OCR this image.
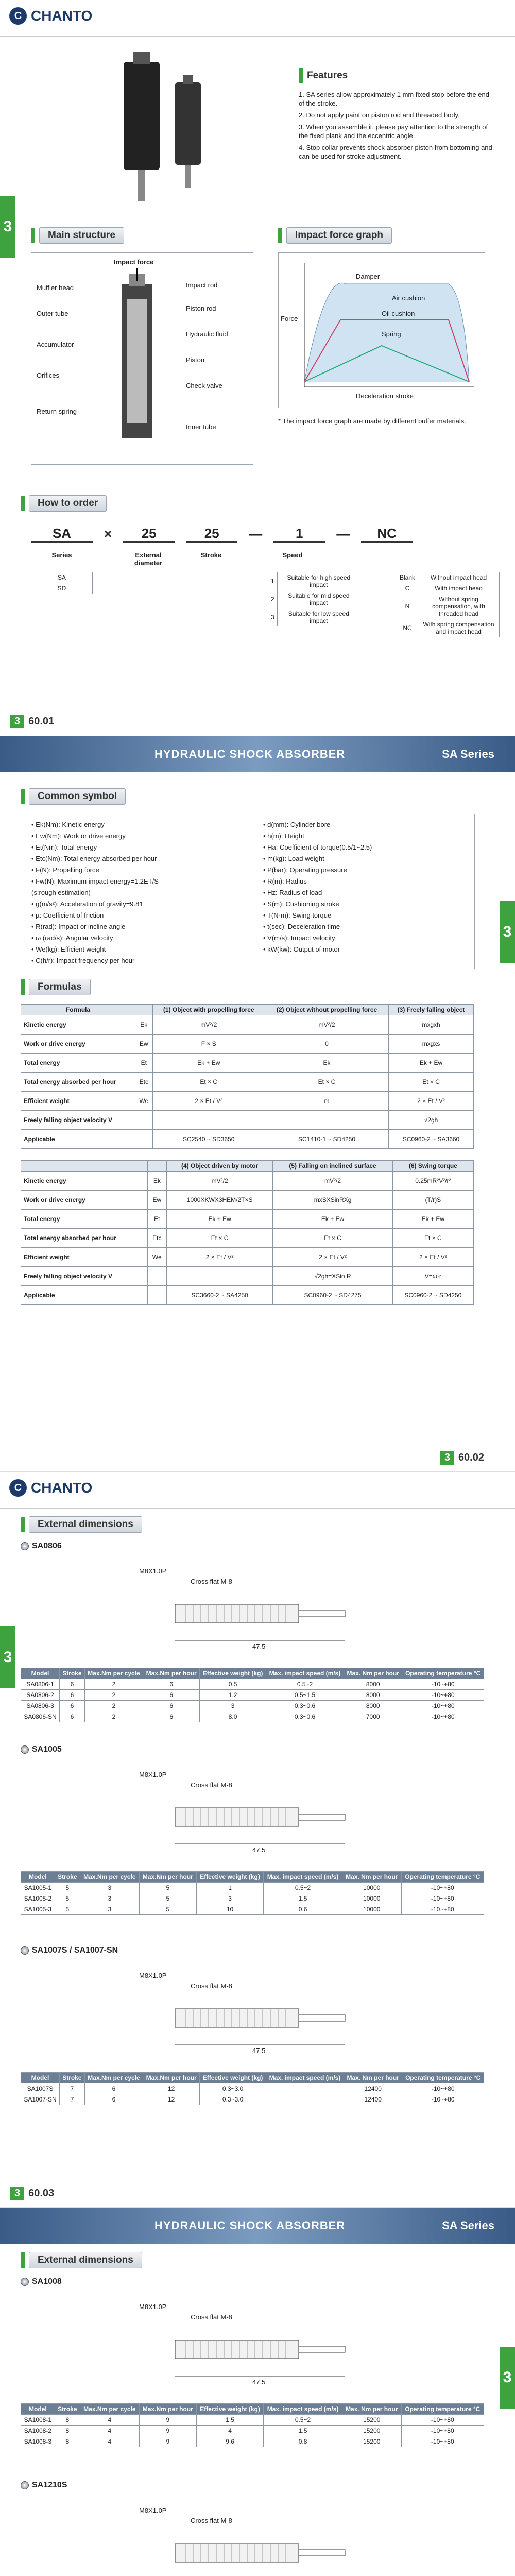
C CHANTO
3
Features
1. SA series allow approximately 1 mm fixed stop before the end of the stroke.
2. Do not apply paint on piston rod and threaded body.
3. When you assemble it, please pay attention to the strength of the fixed plank and the eccentric angle.
4. Stop collar prevents shock absorber piston from bottoming and can be used for stroke adjustment.
Main structure
Impact force
Muffler head
Outer tube
Accumulator
Orifices
Return spring
Impact rod
Piston rod
Hydraulic fluid
Piston
Check valve
Inner tube
Impact force graph
Damper
Air cushion
Oil cushion
Spring
Force
Deceleration stroke
* The impact force graph are made by different buffer materials.
How to order
SA	×	25	25	—	1	—	NC
Series	External diameter
Stroke	Speed
SA
SD
1	Suitable for high speed impact
2	Suitable for mid speed impact
3	Suitable for low speed impact
Blank	Without impact head
C	With impact head
N	Without spring compensation, with threaded head
NC	With spring compensation and impact head
3 60.01
HYDRAULIC SHOCK ABSORBER	SA Series
3
Common symbol
• Ek(Nm): Kinetic energy
• Ew(Nm): Work or drive energy
• Et(Nm): Total energy
• Etc(Nm): Total energy absorbed per hour
• F(N): Propelling force
• Fw(N): Maximum impact energy=1.2ET/S
(s:rough estimation)
• g(m/s²): Acceleration of gravity=9.81
• µ: Coefficient of friction
• R(rad): Impact or incline angle
• ω (rad/s): Angular velocity
• We(kg): Efficient weight
• C(h/r): Impact frequency per hour
• d(mm): Cylinder bore
• h(m): Height
• Ha: Coefficient of torque(0.5/1~2.5)
• m(kg): Load weight
• P(bar): Operating pressure
• R(m): Radius
• Hz: Radius of load
• S(m): Cushioning stroke
• T(N·m): Swing torque
• t(sec): Deceleration time
• V(m/s): Impact velocity
• kW(kw): Output of motor
Formulas
Formula		(1) Object with propelling force	(2) Object without propelling force	(3) Freely falling object
Kinetic energy	Ek	mV²/2	mV²/2	mxgxh
Work or drive energy	Ew	F × S	0	mxgxs
Total energy	Et	Ek + Ew	Ek	Ek + Ew
Total energy absorbed per hour	Etc	Et × C	Et × C	Et × C
Efficient weight	We	2 × Et / V²	m	2 × Et / V²
Freely falling object velocity V				√2gh
Applicable		SC2540 ~ SD3650	SC1410-1 ~ SD4250	SC0960-2 ~ SA3660
		(4) Object driven by motor	(5) Falling on inclined surface	(6) Swing torque
Kinetic energy	Ek	mV²/2	mV²/2	0.25mR²V²/r²
Work or drive energy	Ew	1000XKWX3HEM/2T×S	mxSXSinRXg	(T/r)S
Total energy	Et	Ek + Ew	Ek + Ew	Ek + Ew
Total energy absorbed per hour	Etc	Et × C	Et × C	Et × C
Efficient weight	We	2 × Et / V²	2 × Et / V²	2 × Et / V²
Freely falling object velocity V			√2gh=XSin R	V=ω·r
Applicable		SC3660-2 ~ SA4250	SC0960-2 ~ SD4275	SC0960-2 ~ SD4250
3 60.02
C CHANTO
3
External dimensions
SA0806
Cross flat M-8
M8X1.0P
47.5
Model	Stroke	Max.Nm per cycle	Max.Nm per hour	Effective weight (kg)	Max. impact speed (m/s)	Max. Nm per hour	Operating temperature °C
SA0806-1	6	2	6	0.5	0.5~2	8000	-10~+80
SA0806-2	6	2	6	1.2	0.5~1.5	8000	-10~+80
SA0806-3	6	2	6	3	0.3~0.6	8000	-10~+80
SA0806-SN	6	2	6	8.0	0.3~0.6	7000	-10~+80
SA1005
Cross flat M-8
M8X1.0P
47.5
Model	Stroke	Max.Nm per cycle	Max.Nm per hour	Effective weight (kg)	Max. impact speed (m/s)	Max. Nm per hour	Operating temperature °C
SA1005-1	5	3	5	1	0.5~2	10000	-10~+80
SA1005-2	5	3	5	3	1.5	10000	-10~+80
SA1005-3	5	3	5	10	0.6	10000	-10~+80
SA1007S / SA1007-SN
Cross flat M-8
M8X1.0P
47.5
Model	Stroke	Max.Nm per cycle	Max.Nm per hour	Effective weight (kg)	Max. impact speed (m/s)	Max. Nm per hour	Operating temperature °C
SA1007S	7	6	12	0.3~3.0		12400	-10~+80
SA1007-SN	7	6	12	0.3~3.0		12400	-10~+80
3 60.03
HYDRAULIC SHOCK ABSORBER	SA Series
3
External dimensions
SA1008
Cross flat M-8
M8X1.0P
47.5
Model	Stroke	Max.Nm per cycle	Max.Nm per hour	Effective weight (kg)	Max. impact speed (m/s)	Max. Nm per hour	Operating temperature °C
SA1008-1	8	4	9	1.5	0.5~2	15200	-10~+80
SA1008-2	8	4	9	4	1.5	15200	-10~+80
SA1008-3	8	4	9	9.6	0.8	15200	-10~+80
SA1210S
Cross flat M-8
M8X1.0P
